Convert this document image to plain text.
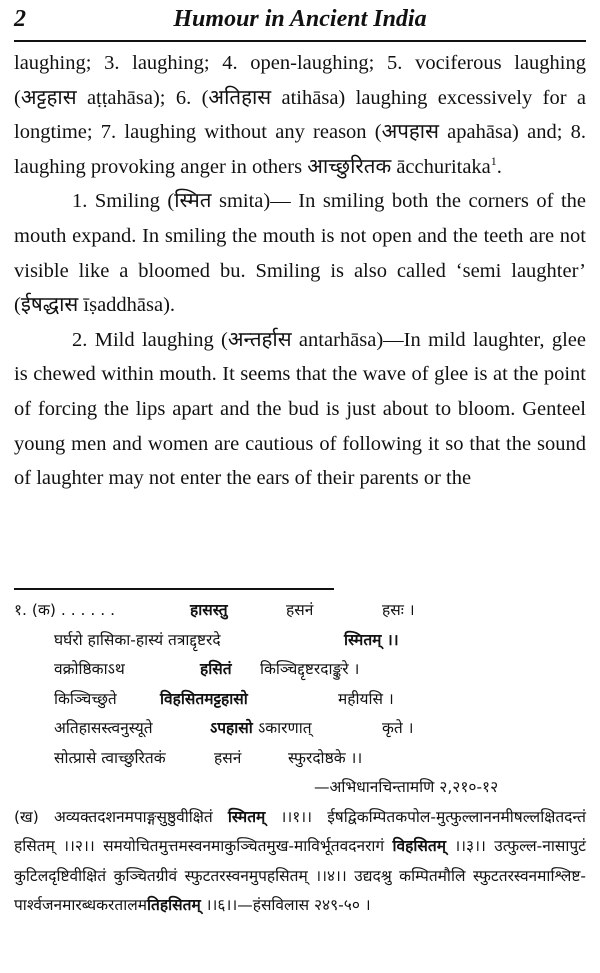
2	Humour in Ancient India

laughing; 3. laughing; 4. open-laughing; 5. vociferous laughing (अट्टहास aṭṭahāsa); 6. (अतिहास atihāsa) laughing excessively for a longtime; 7. laughing without any reason (अपहास apahāsa) and; 8. laughing provoking anger in others आच्छुरितक ācchuritaka$^1$.

1. Smiling (स्मित smita)— In smiling both the corners of the mouth expand. In smiling the mouth is not open and the teeth are not visible like a bloomed bu. Smiling is also called ‘semi laughter’ (ईषद्धास īṣaddhāsa).

2. Mild laughing (अन्तर्हास antarhāsa)—In mild laughter, glee is chewed within mouth. It seems that the wave of glee is at the point of forcing the lips apart and the bud is just about to bloom. Genteel young men and women are cautious of following it so that the sound of laughter may not enter the ears of their parents or the

१. (क) . . . . . .	हासस्तु	हसनं	हसः ।
घर्घरो हासिका-हास्यं तत्राद्दृष्टरदे	स्मितम् ।।
वक्रोष्ठिकाऽथ	हसितं किञ्चिद्दृष्टरदाङ्कुरे ।
किञ्चिच्छुते	विहसितमट्टहासो	महीयसि ।
अतिहासस्त्वनुस्यूते	ऽपहासो ऽकारणात्	कृते ।
सोत्प्रासे त्वाच्छुरितकं	हसनं	स्फुरदोष्ठके ।।
—अभिधानचिन्तामणि २,२१०-१२

(ख) अव्यक्तदशनमपाङ्गसुष्ठुवीक्षितं स्मितम् ।।१।। ईषद्विकम्पितकपोल-मुत्फुल्लाननमीषल्लक्षितदन्तं हसितम् ।।२।। समयोचितमुत्तमस्वनमाकुञ्चितमुख-माविर्भूतवदनरागं विहसितम् ।।३।। उत्फुल्ल-नासापुटं कुटिलदृष्टिवीक्षितं कुञ्चितग्रीवं स्फुटतरस्वनमुपहसितम् ।।४।। उद्यदश्रु कम्पितमौलि स्फुटतरस्वनमाश्लिष्ट-पार्श्वजनमारब्धकरतालमतिहसितम् ।।६।।—हंसविलास २४९-५० ।
